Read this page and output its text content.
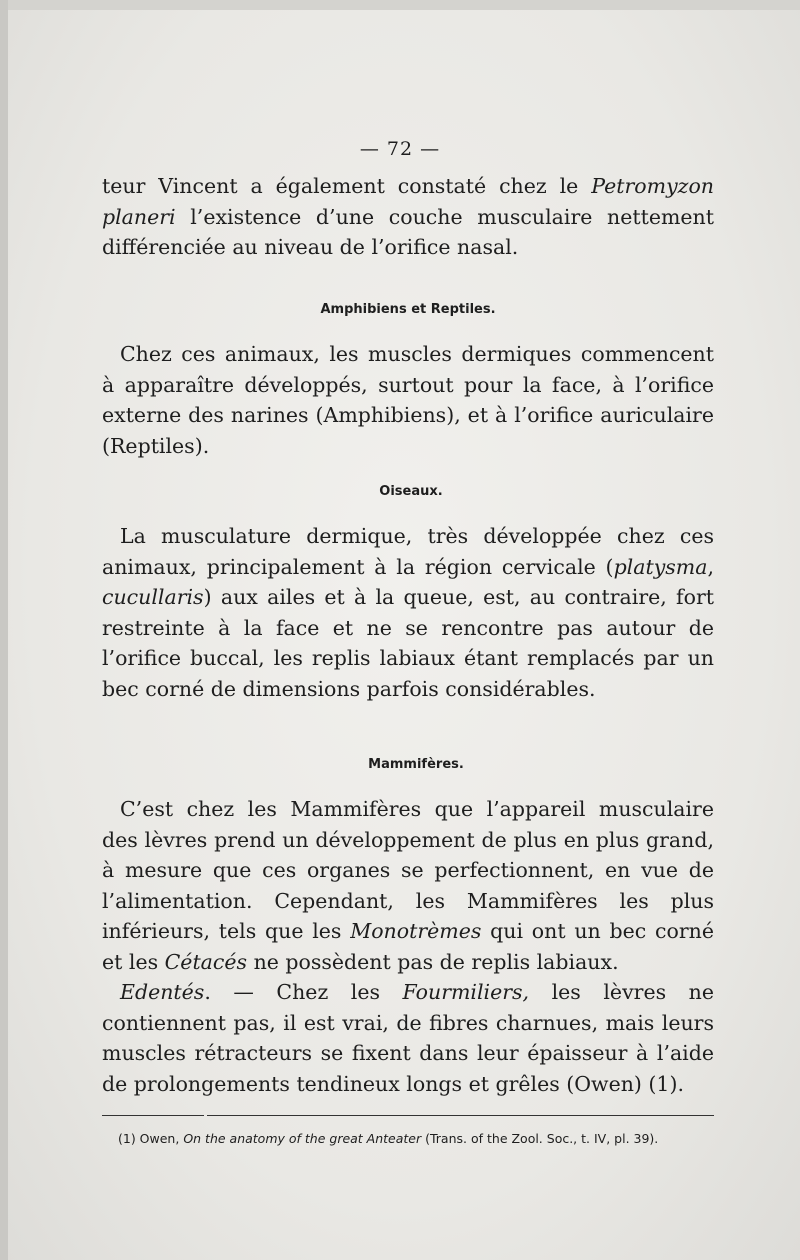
— 72 —

teur Vincent a également constaté chez le Petromyzon planeri l’existence d’une couche musculaire nettement différenciée au niveau de l’orifice nasal.

Amphibiens et Reptiles.

Chez ces animaux, les muscles dermiques commencent à apparaître développés, surtout pour la face, à l’orifice externe des narines (Amphibiens), et à l’orifice auriculaire (Reptiles).

Oiseaux.

La musculature dermique, très développée chez ces animaux, principalement à la région cervicale (platysma, cucullaris) aux ailes et à la queue, est, au contraire, fort restreinte à la face et ne se rencontre pas autour de l’orifice buccal, les replis labiaux étant remplacés par un bec corné de dimensions parfois considérables.

Mammifères.

C’est chez les Mammifères que l’appareil musculaire des lèvres prend un développement de plus en plus grand, à mesure que ces organes se perfectionnent, en vue de l’alimentation. Cependant, les Mammifères les plus inférieurs, tels que les Monotrèmes qui ont un bec corné et les Cétacés ne possèdent pas de replis labiaux.

Edentés. — Chez les Fourmiliers, les lèvres ne contiennent pas, il est vrai, de fibres charnues, mais leurs muscles rétracteurs se fixent dans leur épaisseur à l’aide de prolongements tendineux longs et grêles (Owen) (1).

(1) Owen, On the anatomy of the great Anteater (Trans. of the Zool. Soc., t. IV, pl. 39).
